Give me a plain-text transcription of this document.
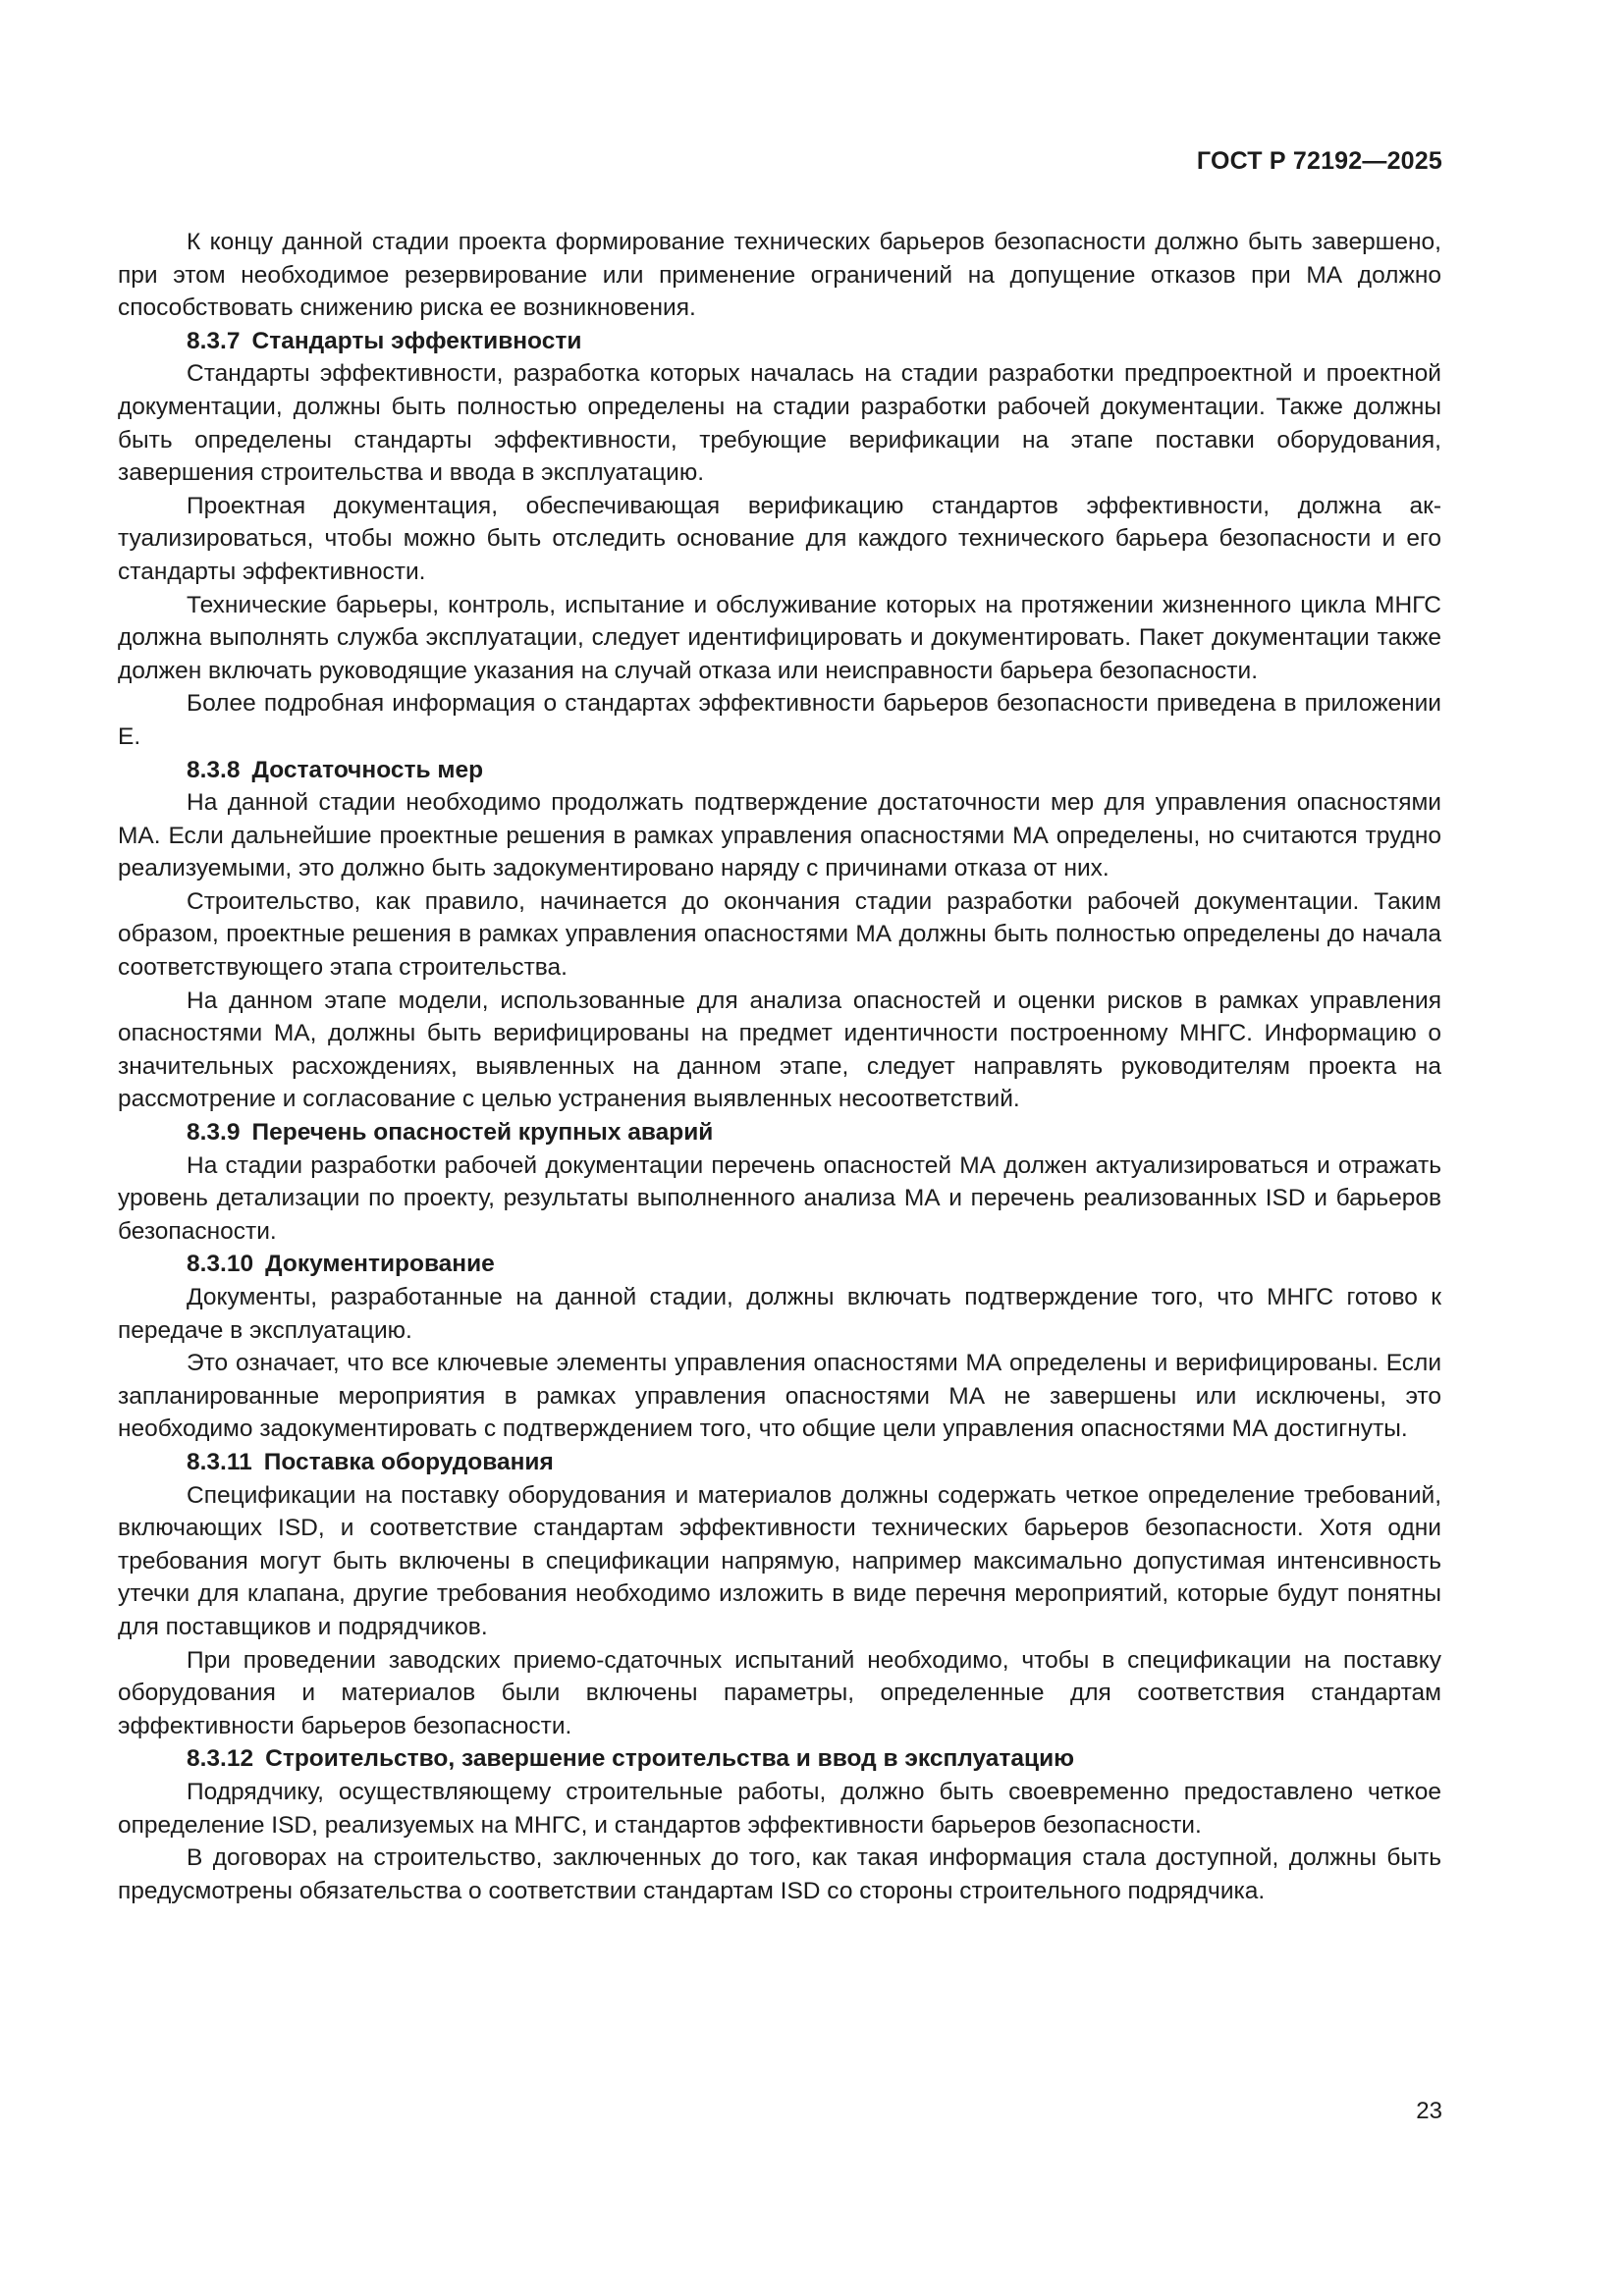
ГОСТ Р 72192—2025

К концу данной стадии проекта формирование технических барьеров безопасности должно быть завершено, при этом необходимое резервирование или применение ограничений на допущение отказов при МА должно способствовать снижению риска ее возникновения.

8.3.7 Стандарты эффективности

Стандарты эффективности, разработка которых началась на стадии разработки предпроектной и проектной документации, должны быть полностью определены на стадии разработки рабочей документации. Также должны быть определены стандарты эффективности, требующие верификации на этапе поставки оборудования, завершения строительства и ввода в эксплуатацию.

Проектная документация, обеспечивающая верификацию стандартов эффективности, должна актуализироваться, чтобы можно быть отследить основание для каждого технического барьера безопасности и его стандарты эффективности.

Технические барьеры, контроль, испытание и обслуживание которых на протяжении жизненного цикла МНГС должна выполнять служба эксплуатации, следует идентифицировать и документировать. Пакет документации также должен включать руководящие указания на случай отказа или неисправности барьера безопасности.

Более подробная информация о стандартах эффективности барьеров безопасности приведена в приложении Е.

8.3.8 Достаточность мер

На данной стадии необходимо продолжать подтверждение достаточности мер для управления опасностями МА. Если дальнейшие проектные решения в рамках управления опасностями МА определены, но считаются трудно реализуемыми, это должно быть задокументировано наряду с причинами отказа от них.

Строительство, как правило, начинается до окончания стадии разработки рабочей документации. Таким образом, проектные решения в рамках управления опасностями МА должны быть полностью определены до начала соответствующего этапа строительства.

На данном этапе модели, использованные для анализа опасностей и оценки рисков в рамках управления опасностями МА, должны быть верифицированы на предмет идентичности построенному МНГС. Информацию о значительных расхождениях, выявленных на данном этапе, следует направлять руководителям проекта на рассмотрение и согласование с целью устранения выявленных несоответствий.

8.3.9 Перечень опасностей крупных аварий

На стадии разработки рабочей документации перечень опасностей МА должен актуализироваться и отражать уровень детализации по проекту, результаты выполненного анализа МА и перечень реализованных ISD и барьеров безопасности.

8.3.10 Документирование

Документы, разработанные на данной стадии, должны включать подтверждение того, что МНГС готово к передаче в эксплуатацию.

Это означает, что все ключевые элементы управления опасностями МА определены и верифицированы. Если запланированные мероприятия в рамках управления опасностями МА не завершены или исключены, это необходимо задокументировать с подтверждением того, что общие цели управления опасностями МА достигнуты.

8.3.11 Поставка оборудования

Спецификации на поставку оборудования и материалов должны содержать четкое определение требований, включающих ISD, и соответствие стандартам эффективности технических барьеров безопасности. Хотя одни требования могут быть включены в спецификации напрямую, например максимально допустимая интенсивность утечки для клапана, другие требования необходимо изложить в виде перечня мероприятий, которые будут понятны для поставщиков и подрядчиков.

При проведении заводских приемо-сдаточных испытаний необходимо, чтобы в спецификации на поставку оборудования и материалов были включены параметры, определенные для соответствия стандартам эффективности барьеров безопасности.

8.3.12 Строительство, завершение строительства и ввод в эксплуатацию

Подрядчику, осуществляющему строительные работы, должно быть своевременно предоставлено четкое определение ISD, реализуемых на МНГС, и стандартов эффективности барьеров безопасности.

В договорах на строительство, заключенных до того, как такая информация стала доступной, должны быть предусмотрены обязательства о соответствии стандартам ISD со стороны строительного подрядчика.

23
